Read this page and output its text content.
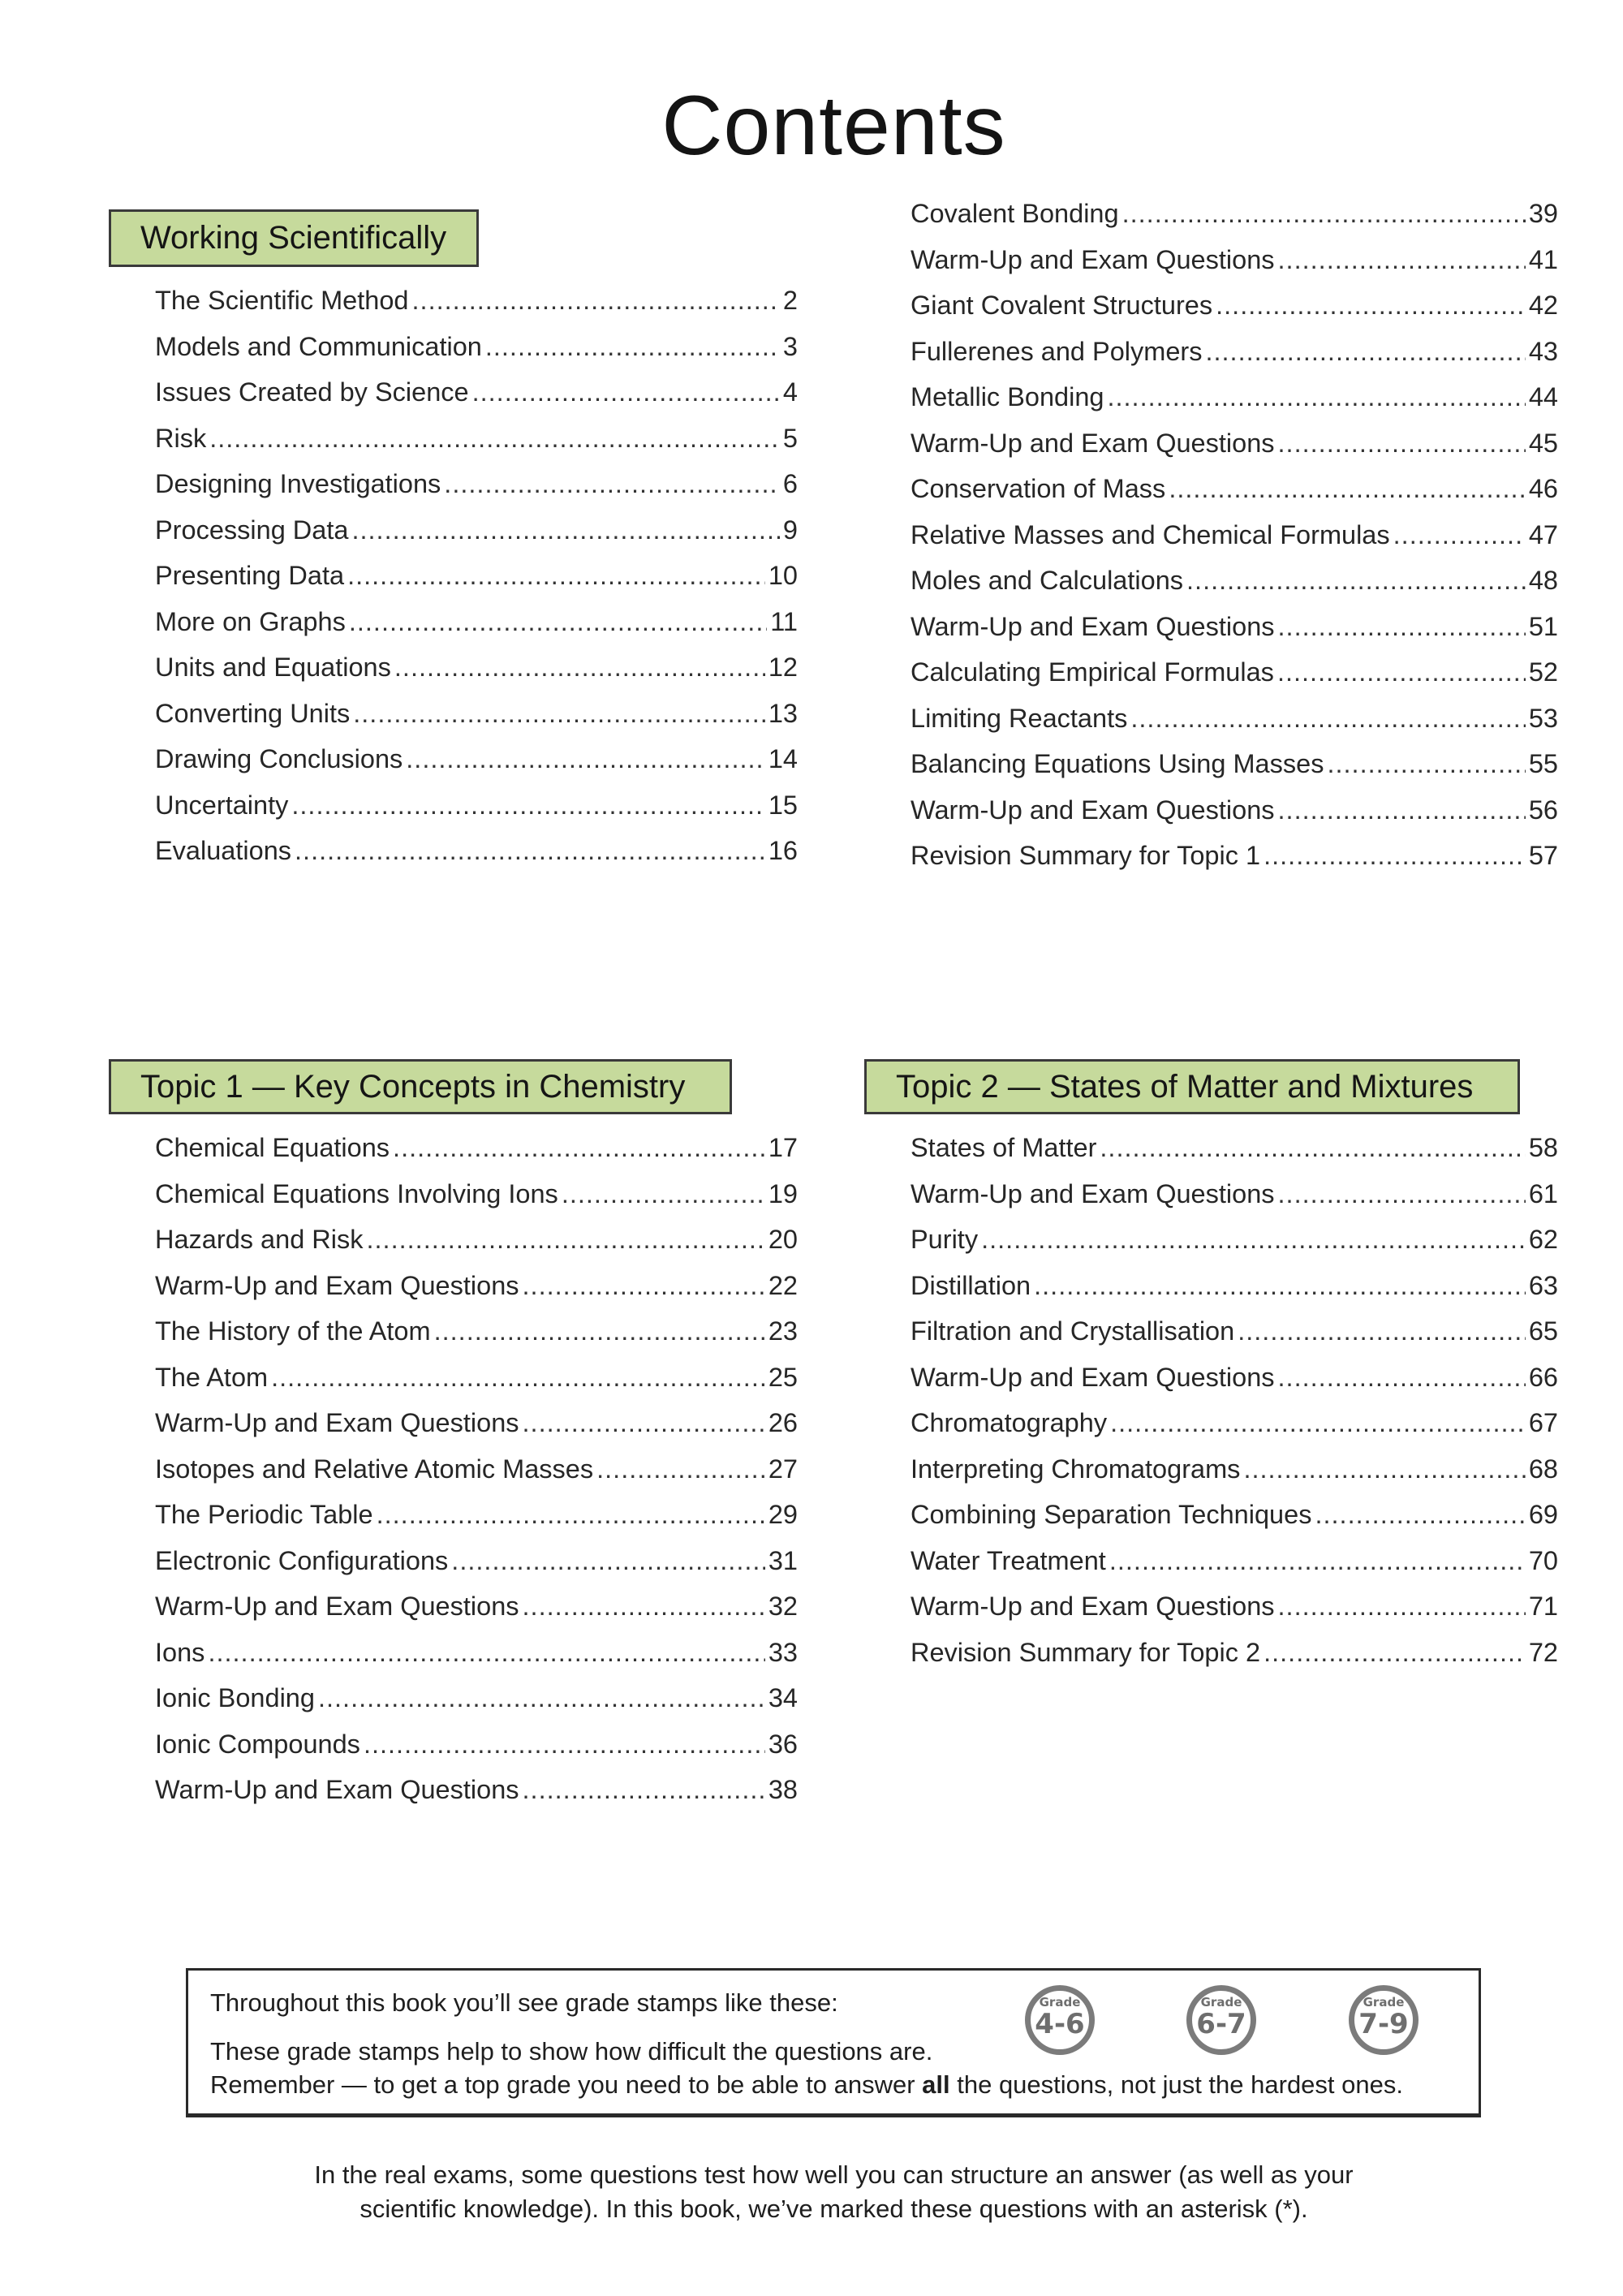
Contents
Working Scientifically
The Scientific Method .....	2
Models and Communication .....	3
Issues Created by Science .....	4
Risk .....	5
Designing Investigations .....	6
Processing Data .....	9
Presenting Data .....	10
More on Graphs .....	11
Units and Equations .....	12
Converting Units .....	13
Drawing Conclusions .....	14
Uncertainty .....	15
Evaluations .....	16
Covalent Bonding .....	39
Warm-Up and Exam Questions .....	41
Giant Covalent Structures .....	42
Fullerenes and Polymers .....	43
Metallic Bonding .....	44
Warm-Up and Exam Questions .....	45
Conservation of Mass .....	46
Relative Masses and Chemical Formulas .....	47
Moles and Calculations .....	48
Warm-Up and Exam Questions .....	51
Calculating Empirical Formulas .....	52
Limiting Reactants .....	53
Balancing Equations Using Masses .....	55
Warm-Up and Exam Questions .....	56
Revision Summary for Topic 1 .....	57
Topic 1 — Key Concepts in Chemistry
Chemical Equations .....	17
Chemical Equations Involving Ions .....	19
Hazards and Risk .....	20
Warm-Up and Exam Questions .....	22
The History of the Atom .....	23
The Atom .....	25
Warm-Up and Exam Questions .....	26
Isotopes and Relative Atomic Masses .....	27
The Periodic Table .....	29
Electronic Configurations .....	31
Warm-Up and Exam Questions .....	32
Ions .....	33
Ionic Bonding .....	34
Ionic Compounds .....	36
Warm-Up and Exam Questions .....	38
Topic 2 — States of Matter and Mixtures
States of Matter .....	58
Warm-Up and Exam Questions .....	61
Purity .....	62
Distillation .....	63
Filtration and Crystallisation .....	65
Warm-Up and Exam Questions .....	66
Chromatography .....	67
Interpreting Chromatograms .....	68
Combining Separation Techniques .....	69
Water Treatment .....	70
Warm-Up and Exam Questions .....	71
Revision Summary for Topic 2 .....	72
Throughout this book you’ll see grade stamps like these:
These grade stamps help to show how difficult the questions are.
Remember — to get a top grade you need to be able to answer all the questions, not just the hardest ones.
Grade
4-6
Grade
6-7
Grade
7-9
In the real exams, some questions test how well you can structure an answer (as well as your
scientific knowledge). In this book, we’ve marked these questions with an asterisk (*).
